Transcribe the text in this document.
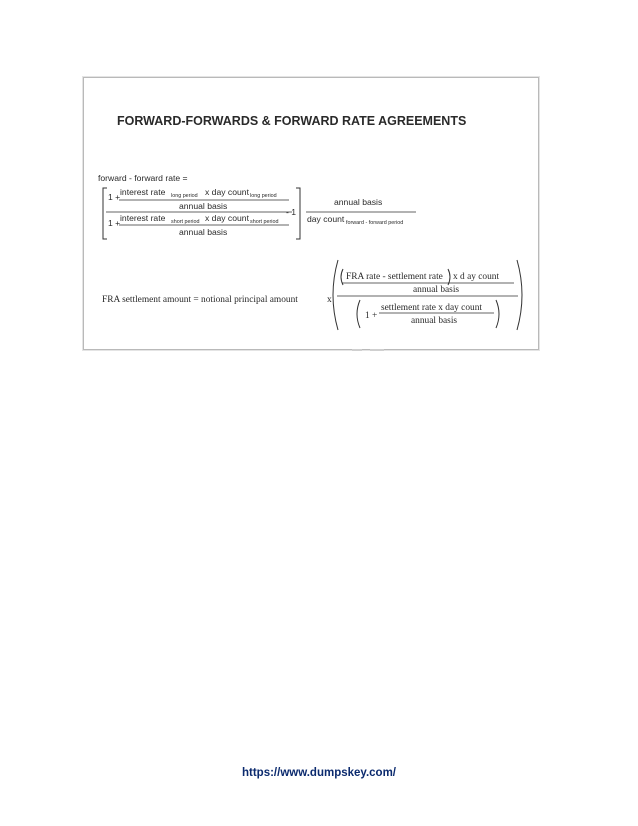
FORWARD-FORWARDS & FORWARD RATE AGREEMENTS
forward - forward rate =
1 + interest rate long period x day count long period
annual basis
1 + interest rate short period x day count short period
annual basis
- 1
annual basis
day count forward - forward period
FRA settlement amount = notional principal amount	x
FRA rate - settlement rate x d ay count
annual basis
1 +
settlement rate x day count
annual basis
https://www.dumpskey.com/
